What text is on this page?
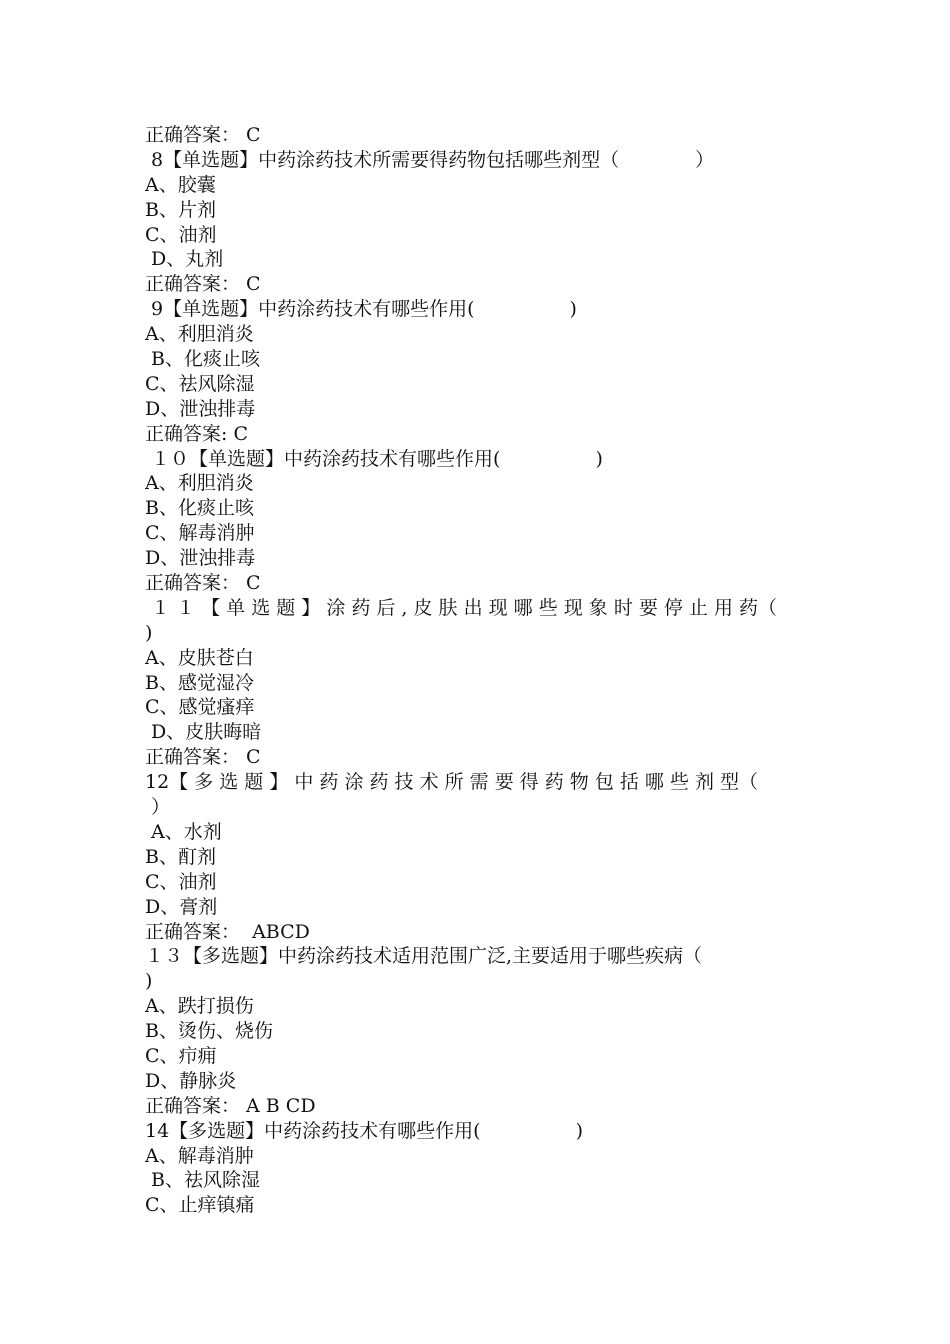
正确答案： C
8【单选题】中药涂药技术所需要得药物包括哪些剂型（　　　　）
A、胶囊
B、片剂
C、油剂
D、丸剂
正确答案： C
9【单选题】中药涂药技术有哪些作用(　　　　　)
A、利胆消炎
B、化痰止咳
C、祛风除湿
D、泄浊排毒
正确答案: C
１０【单选题】中药涂药技术有哪些作用(　　　　　)
A、利胆消炎
B、化痰止咳
C、解毒消肿
D、泄浊排毒
正确答案： C
１ １ 【 单 选 题 】 涂 药 后 , 皮 肤 出 现 哪 些 现 象 时 要 停 止 用 药（
)
A、皮肤苍白
B、感觉湿冷
C、感觉瘙痒
D、皮肤晦暗
正确答案： C
12【 多 选 题 】 中 药 涂 药 技 术 所 需 要 得 药 物 包 括 哪 些 剂 型（
）
A、水剂
B、酊剂
C、油剂
D、膏剂
正确答案：  ABCD
１３【多选题】中药涂药技术适用范围广泛,主要适用于哪些疾病（
)
A、跌打损伤
B、烫伤、烧伤
C、疖痈
D、静脉炎
正确答案： A B CD
14【多选题】中药涂药技术有哪些作用(　　　　　)
A、解毒消肿
B、祛风除湿
C、止痒镇痛
